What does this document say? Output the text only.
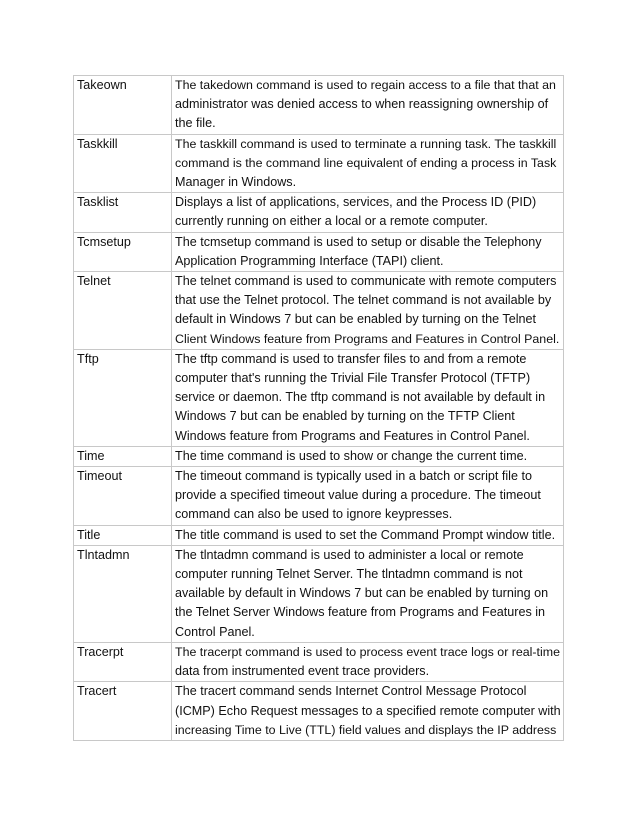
Takeown	The takedown command is used to regain access to a file that that an
administrator was denied access to when reassigning ownership of
the file.

Taskkill	The taskkill command is used to terminate a running task. The taskkill
command is the command line equivalent of ending a process in Task
Manager in Windows.

Tasklist	Displays a list of applications, services, and the Process ID (PID)
currently running on either a local or a remote computer.

Tcmsetup	The tcmsetup command is used to setup or disable the Telephony
Application Programming Interface (TAPI) client.

Telnet	The telnet command is used to communicate with remote computers
that use the Telnet protocol. The telnet command is not available by
default in Windows 7 but can be enabled by turning on the Telnet
Client Windows feature from Programs and Features in Control Panel.

Tftp	The tftp command is used to transfer files to and from a remote
computer that's running the Trivial File Transfer Protocol (TFTP)
service or daemon. The tftp command is not available by default in
Windows 7 but can be enabled by turning on the TFTP Client
Windows feature from Programs and Features in Control Panel.

Time	The time command is used to show or change the current time.

Timeout	The timeout command is typically used in a batch or script file to
provide a specified timeout value during a procedure. The timeout
command can also be used to ignore keypresses.

Title	The title command is used to set the Command Prompt window title.

Tlntadmn	The tlntadmn command is used to administer a local or remote
computer running Telnet Server. The tlntadmn command is not
available by default in Windows 7 but can be enabled by turning on
the Telnet Server Windows feature from Programs and Features in
Control Panel.

Tracerpt	The tracerpt command is used to process event trace logs or real-time
data from instrumented event trace providers.

Tracert	The tracert command sends Internet Control Message Protocol
(ICMP) Echo Request messages to a specified remote computer with
increasing Time to Live (TTL) field values and displays the IP address
